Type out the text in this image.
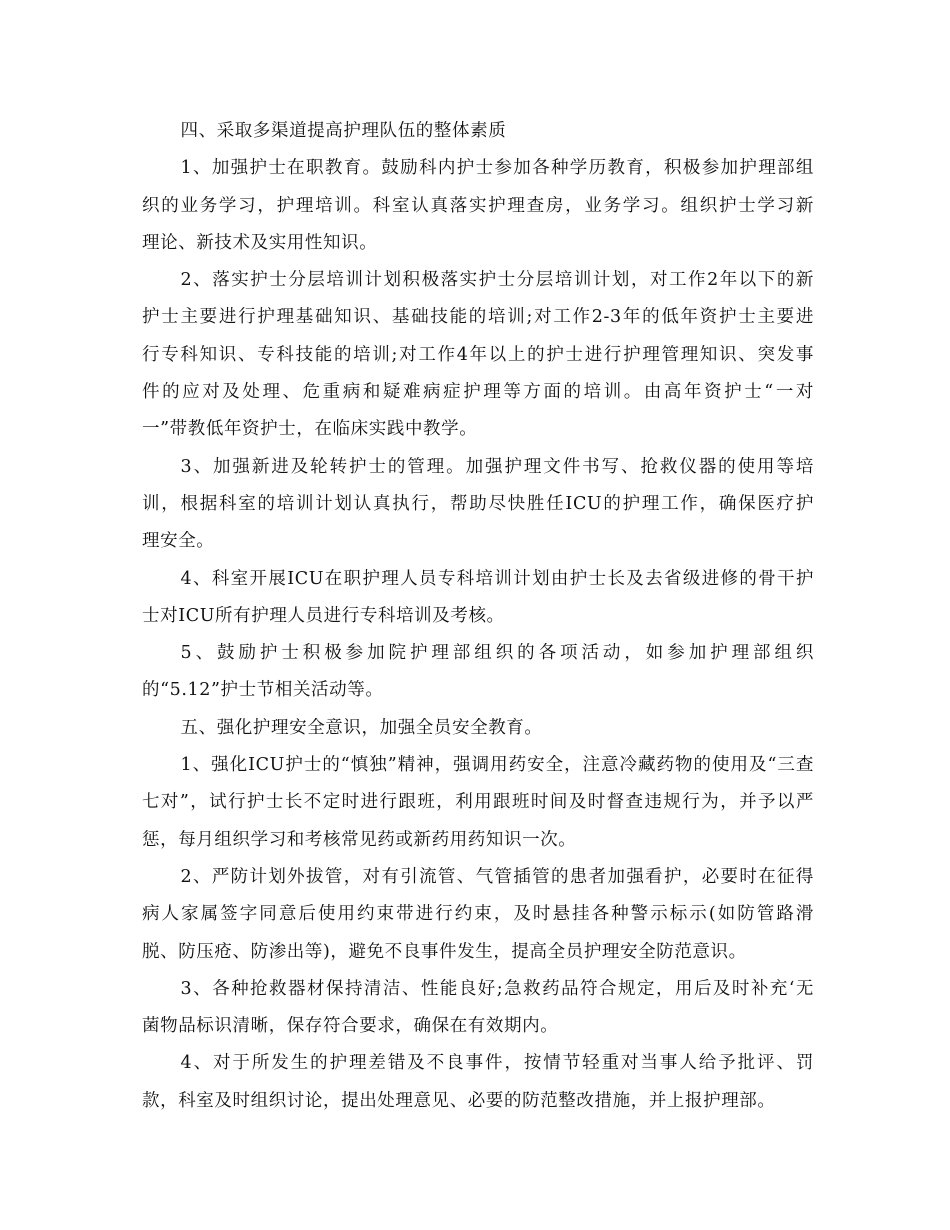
四、采取多渠道提高护理队伍的整体素质
1、加强护士在职教育。鼓励科内护士参加各种学历教育，积极参加护理部组
织的业务学习，护理培训。科室认真落实护理查房，业务学习。组织护士学习新
理论、新技术及实用性知识。
2、落实护士分层培训计划积极落实护士分层培训计划，对工作2年以下的新
护士主要进行护理基础知识、基础技能的培训;对工作2-3年的低年资护士主要进
行专科知识、专科技能的培训;对工作4年以上的护士进行护理管理知识、突发事
件的应对及处理、危重病和疑难病症护理等方面的培训。由高年资护士“一对
一”带教低年资护士，在临床实践中教学。
3、加强新进及轮转护士的管理。加强护理文件书写、抢救仪器的使用等培
训，根据科室的培训计划认真执行，帮助尽快胜任ICU的护理工作，确保医疗护
理安全。
4、科室开展ICU在职护理人员专科培训计划由护士长及去省级进修的骨干护
士对ICU所有护理人员进行专科培训及考核。
5、鼓励护士积极参加院护理部组织的各项活动，如参加护理部组织
的“5.12”护士节相关活动等。
五、强化护理安全意识，加强全员安全教育。
1、强化ICU护士的“慎独”精神，强调用药安全，注意冷藏药物的使用及“三查
七对”，试行护士长不定时进行跟班，利用跟班时间及时督查违规行为，并予以严
惩，每月组织学习和考核常见药或新药用药知识一次。
2、严防计划外拔管，对有引流管、气管插管的患者加强看护，必要时在征得
病人家属签字同意后使用约束带进行约束，及时悬挂各种警示标示(如防管路滑
脱、防压疮、防渗出等)，避免不良事件发生，提高全员护理安全防范意识。
3、各种抢救器材保持清洁、性能良好;急救药品符合规定，用后及时补充‘无
菌物品标识清晰，保存符合要求，确保在有效期内。
4、对于所发生的护理差错及不良事件，按情节轻重对当事人给予批评、罚
款，科室及时组织讨论，提出处理意见、必要的防范整改措施，并上报护理部。
